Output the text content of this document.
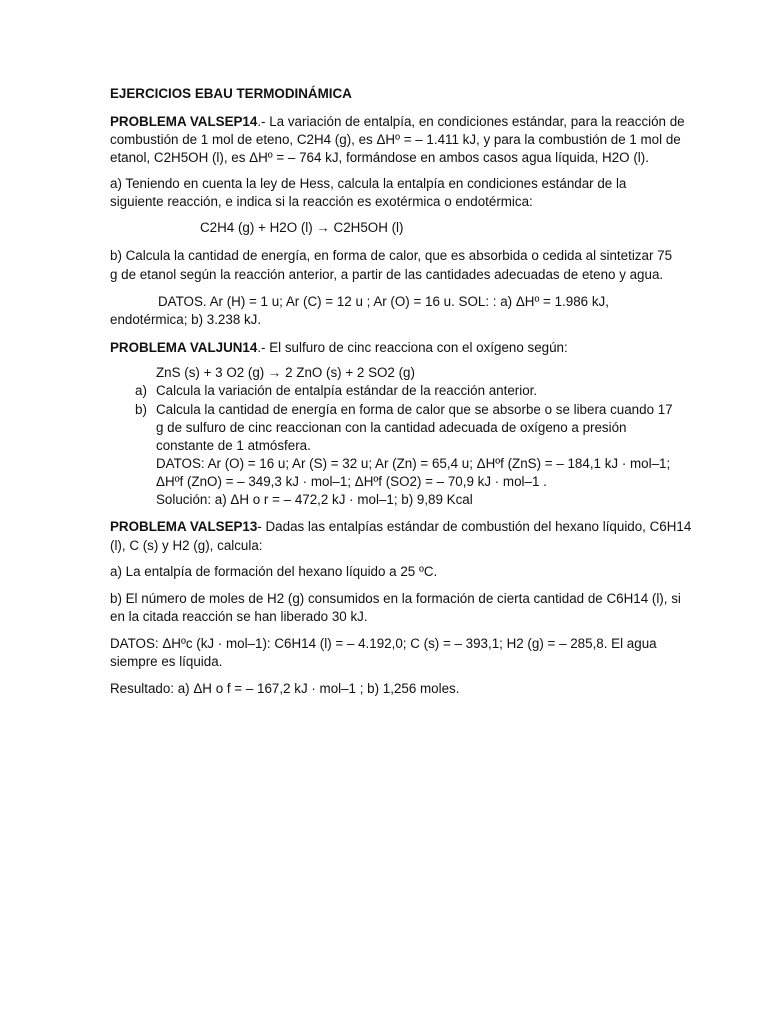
EJERCICIOS EBAU TERMODINÁMICA
PROBLEMA VALSEP14.- La variación de entalpía, en condiciones estándar, para la reacción de
combustión de 1 mol de eteno, C2H4 (g), es ΔHº = – 1.411 kJ, y para la combustión de 1 mol de
etanol, C2H5OH (l), es ΔHº = – 764 kJ, formándose en ambos casos agua líquida, H2O (l).
a) Teniendo en cuenta la ley de Hess, calcula la entalpía en condiciones estándar de la
siguiente reacción, e indica si la reacción es exotérmica o endotérmica:
C2H4 (g) + H2O (l) → C2H5OH (l)
b) Calcula la cantidad de energía, en forma de calor, que es absorbida o cedida al sintetizar 75
g de etanol según la reacción anterior, a partir de las cantidades adecuadas de eteno y agua.
DATOS. Ar (H) = 1 u; Ar (C) = 12 u ; Ar (O) = 16 u. SOL: : a) ΔHº = 1.986 kJ,
endotérmica; b) 3.238 kJ.
PROBLEMA VALJUN14.- El sulfuro de cinc reacciona con el oxígeno según:
ZnS (s) + 3 O2 (g) → 2 ZnO (s) + 2 SO2 (g)
a) Calcula la variación de entalpía estándar de la reacción anterior.
b) Calcula la cantidad de energía en forma de calor que se absorbe o se libera cuando 17
g de sulfuro de cinc reaccionan con la cantidad adecuada de oxígeno a presión
constante de 1 atmósfera.
DATOS: Ar (O) = 16 u; Ar (S) = 32 u; Ar (Zn) = 65,4 u; ΔHºf (ZnS) = – 184,1 kJ · mol–1;
ΔHºf (ZnO) = – 349,3 kJ · mol–1; ΔHºf (SO2) = – 70,9 kJ · mol–1 .
Solución: a) ΔH o r = – 472,2 kJ · mol–1; b) 9,89 Kcal
PROBLEMA VALSEP13- Dadas las entalpías estándar de combustión del hexano líquido, C6H14
(l), C (s) y H2 (g), calcula:
a) La entalpía de formación del hexano líquido a 25 ºC.
b) El número de moles de H2 (g) consumidos en la formación de cierta cantidad de C6H14 (l), si
en la citada reacción se han liberado 30 kJ.
DATOS: ΔHºc (kJ · mol–1): C6H14 (l) = – 4.192,0; C (s) = – 393,1; H2 (g) = – 285,8. El agua
siempre es líquida.
Resultado: a) ΔH o f = – 167,2 kJ · mol–1 ; b) 1,256 moles.
